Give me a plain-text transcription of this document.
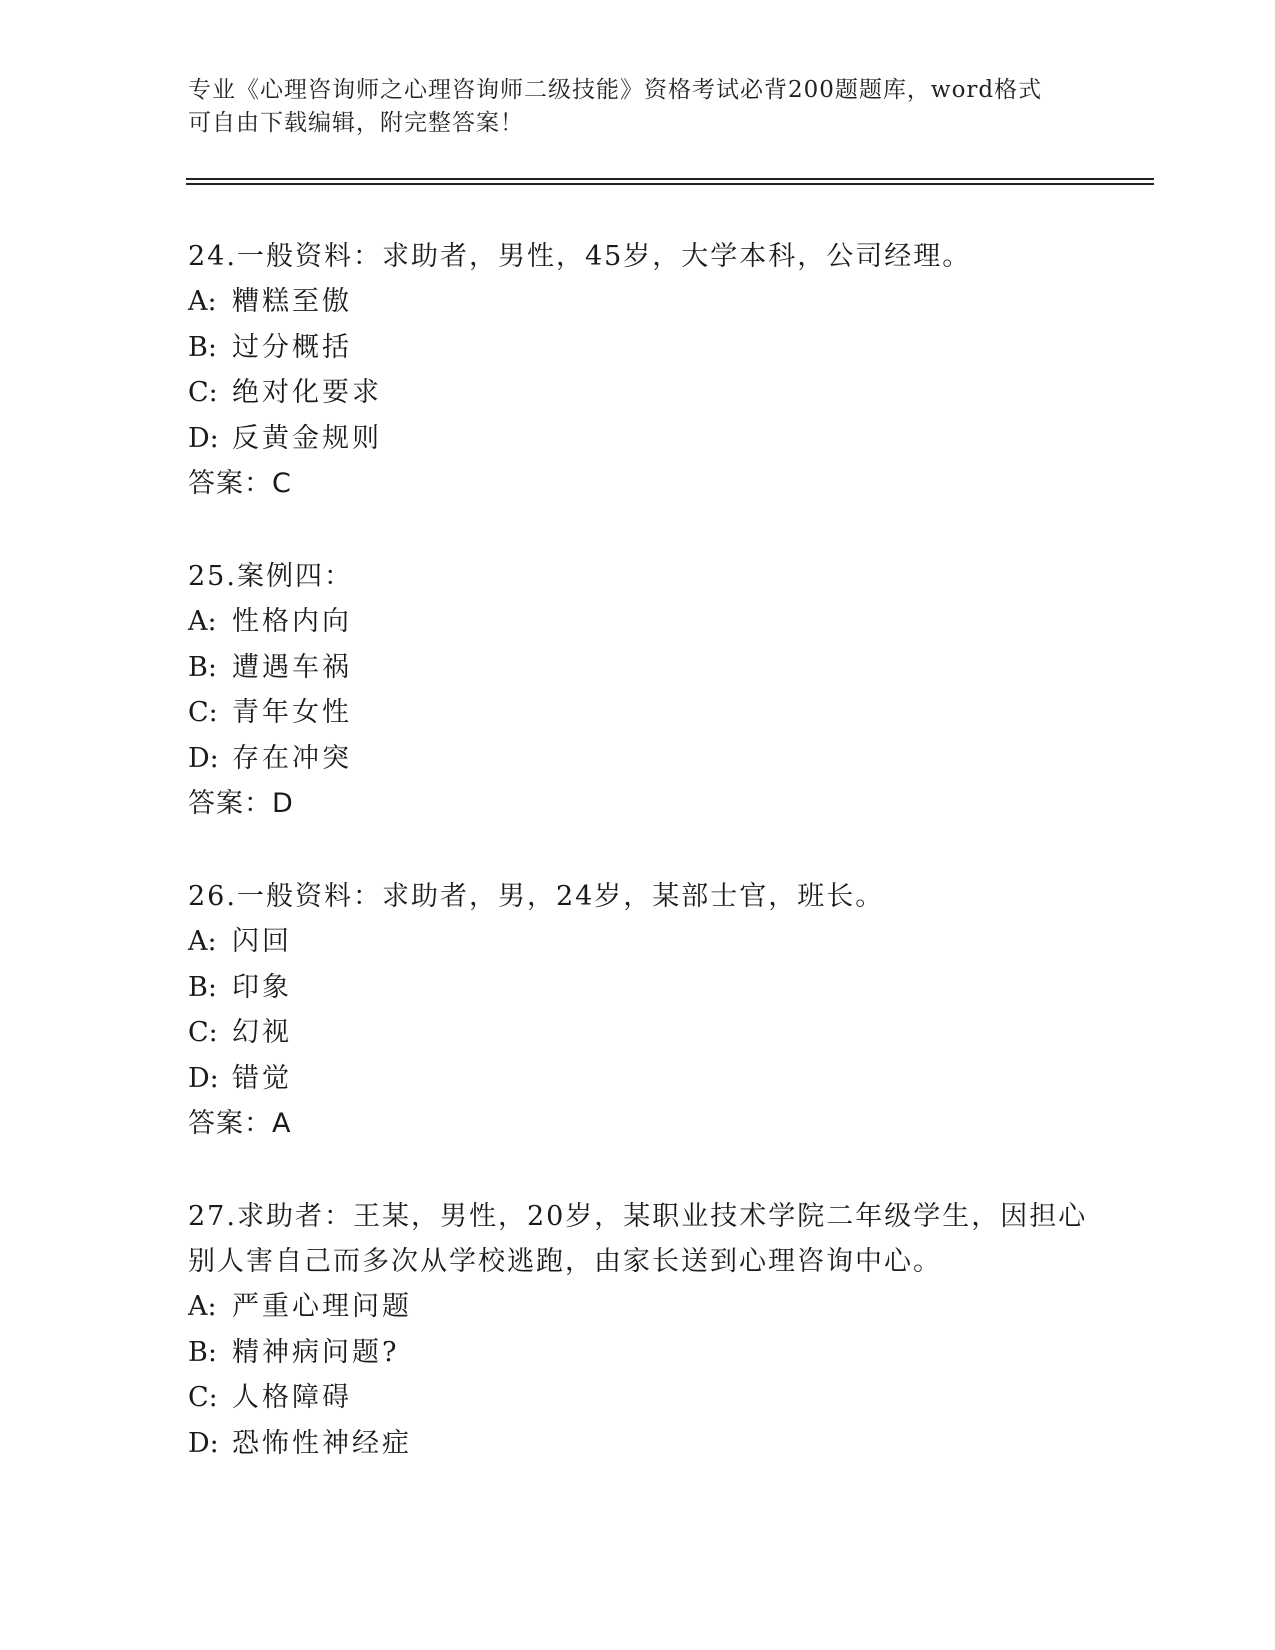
专业《心理咨询师之心理咨询师二级技能》资格考试必背200题题库，word格式
可自由下载编辑，附完整答案！

24.一般资料：求助者，男性，45岁，大学本科，公司经理。

A: 糟糕至傲

B: 过分概括

C: 绝对化要求

D: 反黄金规则

答案：C

25.案例四：

A: 性格内向

B: 遭遇车祸

C: 青年女性

D: 存在冲突

答案：D

26.一般资料：求助者，男，24岁，某部士官，班长。

A: 闪回

B: 印象

C: 幻视

D: 错觉

答案：A

27.求助者：王某，男性，20岁，某职业技术学院二年级学生，因担心

别人害自己而多次从学校逃跑，由家长送到心理咨询中心。

A: 严重心理问题

B: 精神病问题?

C: 人格障碍

D: 恐怖性神经症
